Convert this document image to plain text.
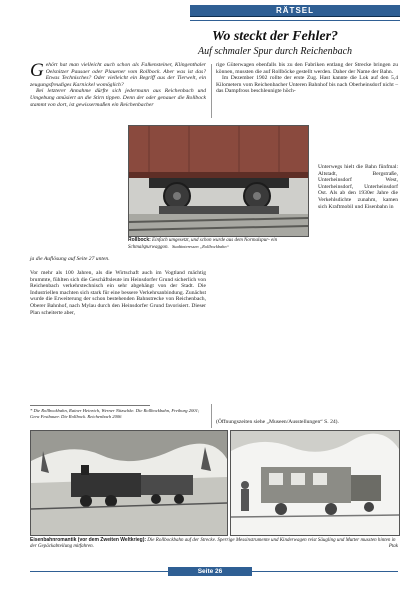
RÄTSEL
Wo steckt der Fehler?
Auf schmaler Spur durch Reichenbach
G ehört hat man vielleicht auch schon als Falkensteiner, Klingenthaler Oelsnitzer Pausaer oder Plauener vom Rollbock. Aber was ist das? Etwas Technisches? Oder vielleicht ein Begriff aus der Tierwelt, ein zeugungsfreudiges Karnickel womöglich?

Bei letzterer Annahme dürfte sich jedermann aus Reichenbach und Umgebung amüsiert an die Stirn tippen. Denn der oder genauer die Rollbock stammt von dort, ist gewissermaßen ein Reichenbacher

rige Güterwagen ebenfalls bis zu den Fabriken entlang der Strecke bringen zu können, mussten die auf Rollböcke gestellt werden. Daher der Name der Bahn.

Im Dezember 1902 rollte der erste Zug. Hast kannte die Lok auf den 5,4 Kilometern vom Reichenbacher Unteren Bahnhof bis nach Oberheinsdorf nicht – das Dampfross beschleunigte höch-

Rollbock: Einfach umgesetzt, und schon wurde aus dem Normalspur- ein Schmalspurwaggon. Stadtinteressen „Rollbockbahn“
Unterwegs hielt die Bahn fünfmal: Altstadt, Bergstraße, Unterheinsdorf West, Unterheinsdorf, Unterheinsdorf Ost. Als ab den 1930er Jahre die Verkehlsdichte zunahm, kamen sich Kraftmobil und Eisenbahn in
ja die Auflösung auf Seite 27 unten.
Vor mehr als 100 Jahren, als die Wirtschaft auch im Vogtland mächtig brummte, fühlten sich die Geschäftsleute im Heinsdorfer Grund sicherlich von Reichenbach verkehrstechnisch ein sehr abgehängt von der Stadt. Die Industriellen machten sich stark für eine bessere Verkehrsanbindung. Zunächst wurde die Erweiterung der schon bestehenden Bahnstrecke von Reichenbach, Oberer Bahnhof, nach Mylau durch den Heinsdorfer Grund favorisiert. Dieser Plan scheiterte aber,
* Die Rollbockbahn, Rainer Heinrich, Werner Nitzschke. Die Rollbockbahn, Freiburg 2001; Gera Festbauer. Die Rollbock. Reichenbach 2006
(Öffnungszeiten siehe „Museen/Ausstellungen“ S. 24).
Eisenbahnromantik (vor dem Zweiten Weltkrieg): Die Rollbockbahn auf der Strecke. Sperrige Messinstrumente und Kinderwagen reist Säugling und Mutter mussten hinten in der Gepäckabteilung mitfahren.	Ptak
Seite 26
